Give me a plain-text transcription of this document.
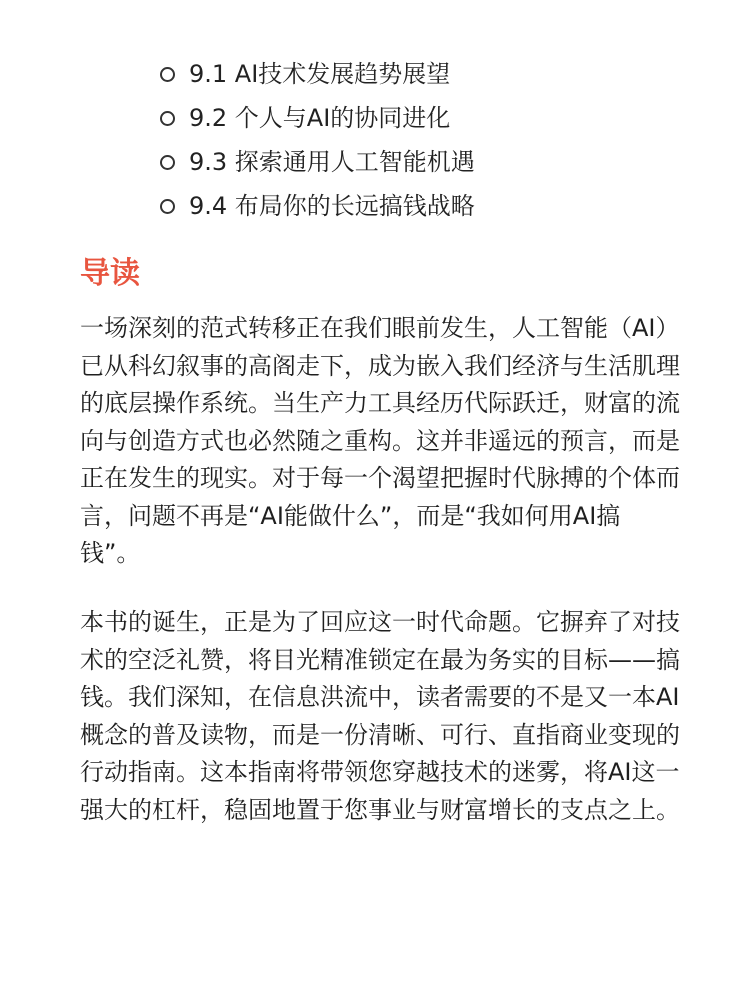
9.1 AI技术发展趋势展望
9.2 个人与AI的协同进化
9.3 探索通用人工智能机遇
9.4 布局你的长远搞钱战略
导读

一场深刻的范式转移正在我们眼前发生，人工智能（AI）已从科幻叙事的高阁走下，成为嵌入我们经济与生活肌理的底层操作系统。当生产力工具经历代际跃迁，财富的流向与创造方式也必然随之重构。这并非遥远的预言，而是正在发生的现实。对于每一个渴望把握时代脉搏的个体而言，问题不再是“AI能做什么”，而是“我如何用AI搞钱”。

本书的诞生，正是为了回应这一时代命题。它摒弃了对技术的空泛礼赞，将目光精准锁定在最为务实的目标——搞钱。我们深知，在信息洪流中，读者需要的不是又一本AI概念的普及读物，而是一份清晰、可行、直指商业变现的行动指南。这本指南将带领您穿越技术的迷雾，将AI这一强大的杠杆，稳固地置于您事业与财富增长的支点之上。
